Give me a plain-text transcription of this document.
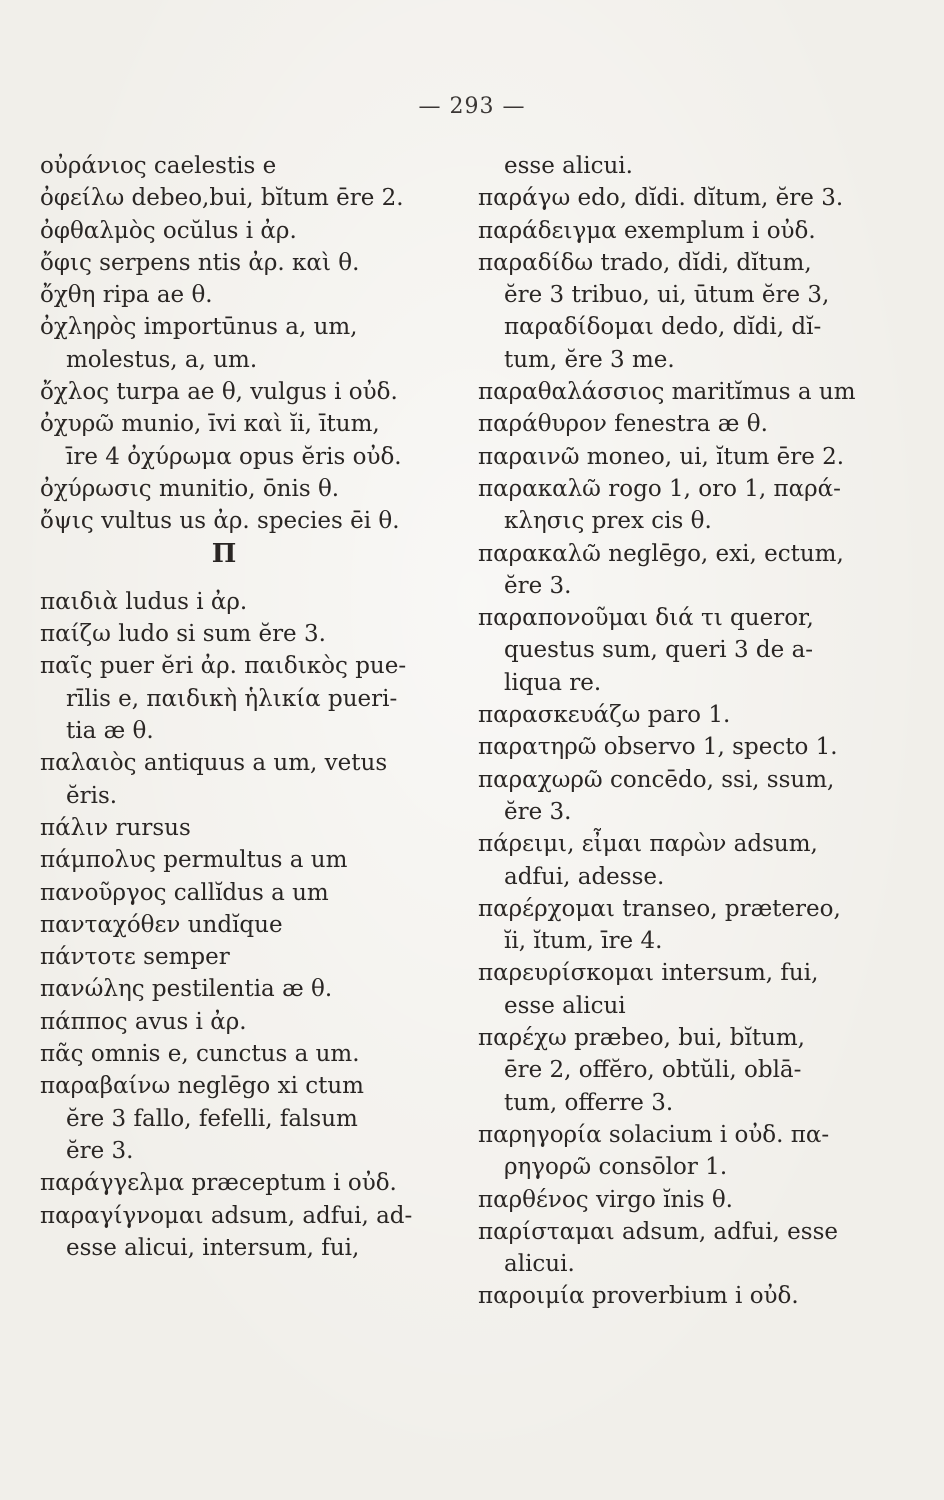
— 293 —
οὐράνιος caelestis e
ὀφείλω debeo,bui, bĭtum ēre 2.
ὀφθαλμὸς ocŭlus i ἀρ.
ὄφις serpens ntis ἀρ. καὶ θ.
ὄχθη ripa ae θ.
ὀχληρὸς importūnus a, um,
molestus, a, um.
ὄχλος turpa ae θ, vulgus i οὐδ.
ὀχυρῶ munio, īvi καὶ ĭi, ītum,
īre 4 ὀχύρωμα opus ĕris οὐδ.
ὀχύρωσις munitio, ōnis θ.
ὄψις vultus us ἀρ. species ēi θ.
Π
παιδιὰ ludus i ἀρ.
παίζω ludo si sum ĕre 3.
παῖς puer ĕri ἀρ. παιδικὸς pue-
rīlis e, παιδικὴ ἡλικία pueri-
tia æ θ.
παλαιὸς antiquus a um, vetus
ĕris.
πάλιν rursus
πάμπολυς permultus a um
πανοῦργος callĭdus a um
πανταχόθεν undĭque
πάντοτε semper
πανώλης pestilentia æ θ.
πάππος avus i ἀρ.
πᾶς omnis e, cunctus a um.
παραβαίνω neglēgo xi ctum
ĕre 3 fallo, fefelli, falsum
ĕre 3.
παράγγελμα præceptum i οὐδ.
παραγίγνομαι adsum, adfui, ad-
esse alicui, intersum, fui,
esse alicui.
παράγω edo, dĭdi. dĭtum, ĕre 3.
παράδειγμα exemplum i οὐδ.
παραδίδω trado, dĭdi, dĭtum,
ĕre 3 tribuo, ui, ūtum ĕre 3,
παραδίδομαι dedo, dĭdi, dĭ-
tum, ĕre 3 me.
παραθαλάσσιος maritĭmus a um
παράθυρον fenestra æ θ.
παραινῶ moneo, ui, ĭtum ēre 2.
παρακαλῶ rogo 1, oro 1, παρά-
κλησις prex cis θ.
παρακαλῶ neglēgo, exi, ectum,
ĕre 3.
παραπονοῦμαι διά τι queror,
questus sum, queri 3 de a-
liqua re.
παρασκευάζω paro 1.
παρατηρῶ observo 1, specto 1.
παραχωρῶ concēdo, ssi, ssum,
ĕre 3.
πάρειμι, εἶμαι παρὼν adsum,
adfui, adesse.
παρέρχομαι transeo, prætereo,
ĭi, ĭtum, īre 4.
παρευρίσκομαι intersum, fui,
esse alicui
παρέχω præbeo, bui, bĭtum,
ēre 2, offĕro, obtŭli, oblā-
tum, offerre 3.
παρηγορία solacium i οὐδ. πα-
ρηγορῶ consōlor 1.
παρθένος virgo ĭnis θ.
παρίσταμαι adsum, adfui, esse
alicui.
παροιμία proverbium i οὐδ.
